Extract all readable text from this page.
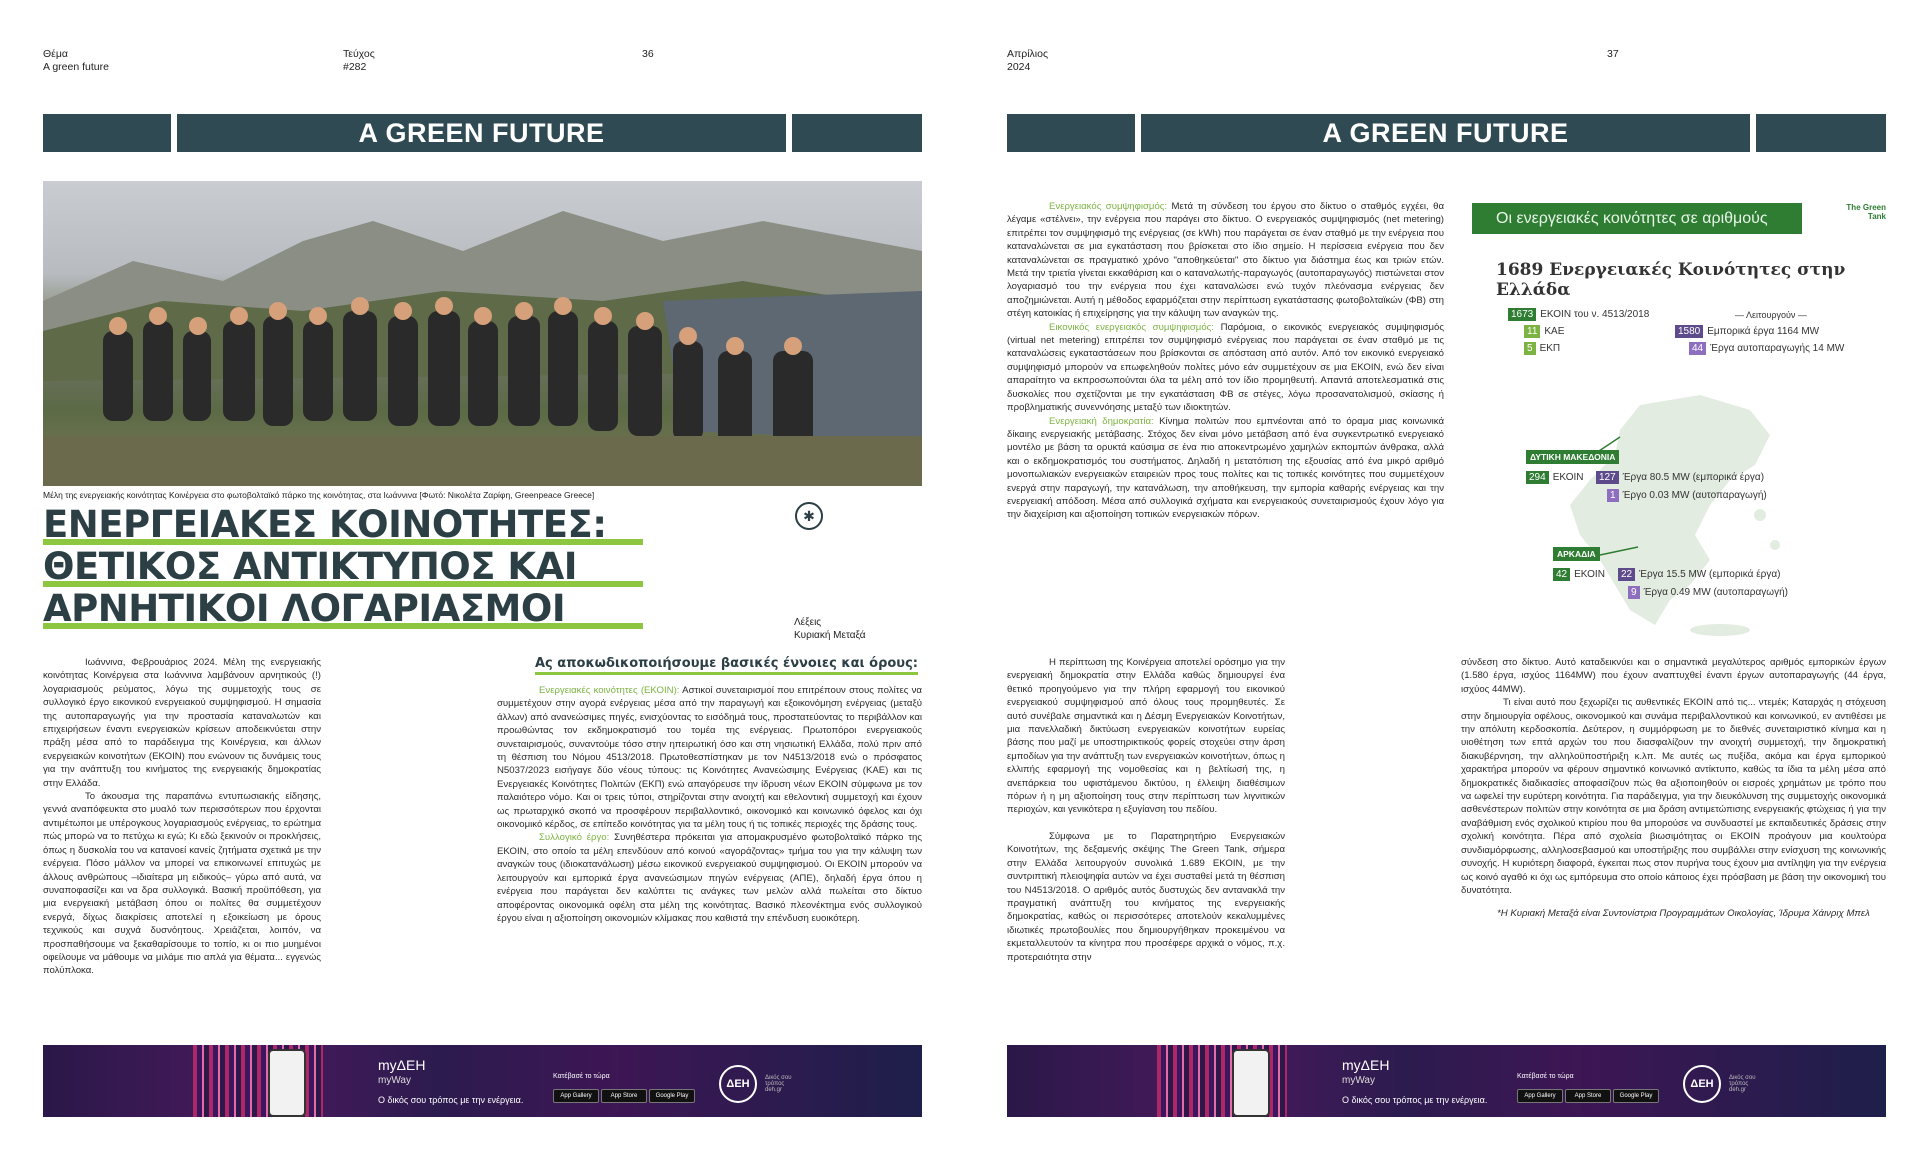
Θέμα
A green future
Τεύχος
#282
36
A GREEN FUTURE
Μέλη της ενεργειακής κοινότητας Κοινέργεια στο φωτοβολταϊκό πάρκο της κοινότητας, στα Ιωάννινα [Φωτό: Νικολέτα Ζαρίφη, Greenpeace Greece]
✱
ΕΝΕΡΓΕΙΑΚΕΣ ΚΟΙΝΟΤΗΤΕΣ:
ΘΕΤΙΚΟΣ ΑΝΤΙΚΤΥΠΟΣ ΚΑΙ
ΑΡΝΗΤΙΚΟΙ ΛΟΓΑΡΙΑΣΜΟΙ	Λέξεις
Κυριακή Μεταξά

Ιωάννινα, Φεβρουάριος 2024. Μέλη της ενεργειακής κοινότητας Κοινέργεια στα Ιωάννινα λαμβάνουν αρνητικούς (!) λογαριασμούς ρεύματος, λόγω της συμμετοχής τους σε συλλογικό έργο εικονικού ενεργειακού συμψηφισμού. Η σημασία της αυτοπαραγωγής για την προστασία καταναλωτών και επιχειρήσεων έναντι ενεργειακών κρίσεων αποδεικνύεται στην πράξη μέσα από το παράδειγμα της Κοινέργεια, και άλλων ενεργειακών κοινοτήτων (ΕΚΟΙΝ) που ενώνουν τις δυνάμεις τους για την ανάπτυξη του κινήματος της ενεργειακής δημοκρατίας στην Ελλάδα.

Το άκουσμα της παραπάνω εντυπωσιακής είδησης, γεννά αναπόφευκτα στο μυαλό των περισσότερων που έρχονται αντιμέτωποι με υπέρογκους λογαριασμούς ενέργειας, το ερώτημα πώς μπορώ να το πετύχω κι εγώ; Κι εδώ ξεκινούν οι προκλήσεις, όπως η δυσκολία του να κατανοεί κανείς ζητήματα σχετικά με την ενέργεια. Πόσο μάλλον να μπορεί να επικοινωνεί επιτυχώς με άλλους ανθρώπους –ιδιαίτερα μη ειδικούς– γύρω από αυτά, να συναποφασίζει και να δρα συλλογικά. Βασική προϋπόθεση, για μια ενεργειακή μετάβαση όπου οι πολίτες θα συμμετέχουν ενεργά, δίχως διακρίσεις αποτελεί η εξοικείωση με όρους τεχνικούς και συχνά δυσνόητους. Χρειάζεται, λοιπόν, να προσπαθήσουμε να ξεκαθαρίσουμε το τοπίο, κι οι πιο μυημένοι οφείλουμε να μάθουμε να μιλάμε πιο απλά για θέματα... εγγενώς πολύπλοκα.

Ας αποκωδικοποιήσουμε βασικές έννοιες και όρους:

Ενεργειακές κοινότητες (ΕΚΟΙΝ): Αστικοί συνεταιρισμοί που επιτρέπουν στους πολίτες να συμμετέχουν στην αγορά ενέργειας μέσα από την παραγωγή και εξοικονόμηση ενέργειας (μεταξύ άλλων) από ανανεώσιμες πηγές, ενισχύοντας το εισόδημά τους, προστατεύοντας το περιβάλλον και προωθώντας τον εκδημοκρατισμό του τομέα της ενέργειας. Πρωτοπόροι ενεργειακούς συνεταιρισμούς, συναντούμε τόσο στην ηπειρωτική όσο και στη νησιωτική Ελλάδα, πολύ πριν από τη θέσπιση του Νόμου 4513/2018. Πρωτοθεσπίστηκαν με τον Ν4513/2018 ενώ ο πρόσφατος Ν5037/2023 εισήγαγε δύο νέους τύπους: τις Κοινότητες Ανανεώσιμης Ενέργειας (ΚΑΕ) και τις Ενεργειακές Κοινότητες Πολιτών (ΕΚΠ) ενώ απαγόρευσε την ίδρυση νέων ΕΚΟΙΝ σύμφωνα με τον παλαιότερο νόμο. Και οι τρεις τύποι, στηρίζονται στην ανοιχτή και εθελοντική συμμετοχή και έχουν ως πρωταρχικό σκοπό να προσφέρουν περιβαλλοντικό, οικονομικό και κοινωνικό όφελος και όχι οικονομικό κέρδος, σε επίπεδο κοινότητας για τα μέλη τους ή τις τοπικές περιοχές της δράσης τους.

Συλλογικό έργο: Συνηθέστερα πρόκειται για απομακρυσμένο φωτοβολταϊκό πάρκο της ΕΚΟΙΝ, στο οποίο τα μέλη επενδύουν από κοινού «αγοράζοντας» τμήμα του για την κάλυψη των αναγκών τους (ιδιοκατανάλωση) μέσω εικονικού ενεργειακού συμψηφισμού. Οι ΕΚΟΙΝ μπορούν να λειτουργούν και εμπορικά έργα ανανεώσιμων πηγών ενέργειας (ΑΠΕ), δηλαδή έργα όπου η ενέργεια που παράγεται δεν καλύπτει τις ανάγκες των μελών αλλά πωλείται στο δίκτυο αποφέροντας οικονομικά οφέλη στα μέλη της κοινότητας. Βασικό πλεονέκτημα ενός συλλογικού έργου είναι η αξιοποίηση οικονομιών κλίμακας που καθιστά την επένδυση ευοικότερη.

myΔΕΗ
myWay
Ο δικός σου τρόπος με την ενέργεια.
Κατέβασέ το τώρα
App Gallery	App Store	Google Play
ΔΕΗ	Δικός σου τρόπος deh.gr
Απρίλιος
2024
37
A GREEN FUTURE

Ενεργειακός συμψηφισμός: Μετά τη σύνδεση του έργου στο δίκτυο ο σταθμός εγχέει, θα λέγαμε «στέλνει», την ενέργεια που παράγει στο δίκτυο. Ο ενεργειακός συμψηφισμός (net metering) επιτρέπει τον συμψηφισμό της ενέργειας (σε kWh) που παράγεται σε έναν σταθμό με την ενέργεια που καταναλώνεται σε μια εγκατάσταση που βρίσκεται στο ίδιο σημείο. Η περίσσεια ενέργεια που δεν καταναλώνεται σε πραγματικό χρόνο "αποθηκεύεται" στο δίκτυο για διάστημα έως και τριών ετών. Μετά την τριετία γίνεται εκκαθάριση και ο καταναλωτής-παραγωγός (αυτοπαραγωγός) πιστώνεται στον λογαριασμό του την ενέργεια που έχει καταναλώσει ενώ τυχόν πλεόνασμα ενέργειας δεν αποζημιώνεται. Αυτή η μέθοδος εφαρμόζεται στην περίπτωση εγκατάστασης φωτοβολταϊκών (ΦΒ) στη στέγη κατοικίας ή επιχείρησης για την κάλυψη των αναγκών της.

Εικονικός ενεργειακός συμψηφισμός: Παρόμοια, ο εικονικός ενεργειακός συμψηφισμός (virtual net metering) επιτρέπει τον συμψηφισμό ενέργειας που παράγεται σε έναν σταθμό με τις καταναλώσεις εγκαταστάσεων που βρίσκονται σε απόσταση από αυτόν. Από τον εικονικό ενεργειακό συμψηφισμό μπορούν να επωφεληθούν πολίτες μόνο εάν συμμετέχουν σε μια ΕΚΟΙΝ, ενώ δεν είναι απαραίτητο να εκπροσωπούνται όλα τα μέλη από τον ίδιο προμηθευτή. Απαντά αποτελεσματικά στις δυσκολίες που σχετίζονται με την εγκατάσταση ΦΒ σε στέγες, λόγω προσανατολισμού, σκίασης ή προβληματικής συνεννόησης μεταξύ των ιδιοκτητών.

Ενεργειακή δημοκρατία: Κίνημα πολιτών που εμπνέονται από το όραμα μιας κοινωνικά δίκαιης ενεργειακής μετάβασης. Στόχος δεν είναι μόνο μετάβαση από ένα συγκεντρωτικό ενεργειακό μοντέλο με βάση τα ορυκτά καύσιμα σε ένα πιο αποκεντρωμένο χαμηλών εκπομπών άνθρακα, αλλά και ο εκδημοκρατισμός του συστήματος. Δηλαδή η μετατόπιση της εξουσίας από ένα μικρό αριθμό μονοπωλιακών ενεργειακών εταιρειών προς τους πολίτες και τις τοπικές κοινότητες που συμμετέχουν ενεργά στην παραγωγή, την κατανάλωση, την αποθήκευση, την εμπορία καθαρής ενέργειας και την ενεργειακή απόδοση. Μέσα από συλλογικά σχήματα και ενεργειακούς συνεταιρισμούς έχουν λόγο για την διαχείριση και αξιοποίηση τοπικών ενεργειακών πόρων.

Οι ενεργειακές κοινότητες σε αριθμούς
The Green Tank
1689 Ενεργειακές Κοινότητες στην Ελλάδα
1673 ΕΚΟΙΝ του ν. 4513/2018
11 ΚΑΕ
5 ΕΚΠ
— Λειτουργούν —
1580 Εμπορικά έργα 1164 MW
44 Έργα αυτοπαραγωγής 14 MW
ΔΥΤΙΚΗ ΜΑΚΕΔΟΝΙΑ
294 ΕΚΟΙΝ	127 Έργα 80.5 MW (εμπορικά έργα)
1 Έργο 0.03 MW (αυτοπαραγωγή)
ΑΡΚΑΔΙΑ
42 ΕΚΟΙΝ	22 Έργα 15.5 MW (εμπορικά έργα)
9 Έργα 0.49 MW (αυτοπαραγωγή)

Η περίπτωση της Κοινέργεια αποτελεί ορόσημο για την ενεργειακή δημοκρατία στην Ελλάδα καθώς δημιουργεί ένα θετικό προηγούμενο για την πλήρη εφαρμογή του εικονικού ενεργειακού συμψηφισμού από όλους τους προμηθευτές. Σε αυτό συνέβαλε σημαντικά και η Δέσμη Ενεργειακών Κοινοτήτων, μια πανελλαδική δικτύωση ενεργειακών κοινοτήτων ευρείας βάσης που μαζί με υποστηρικτικούς φορείς στοχεύει στην άρση εμποδίων για την ανάπτυξη των ενεργειακών κοινοτήτων, όπως η ελλιπής εφαρμογή της νομοθεσίας και η βελτίωσή της, η ανεπάρκεια του υφιστάμενου δικτύου, η έλλειψη διαθέσιμων πόρων ή η μη αξιοποίηση τους στην περίπτωση των λιγνιτικών περιοχών, και γενικότερα η εξυγίανση του πεδίου.

Σύμφωνα με το Παρατηρητήριο Ενεργειακών Κοινοτήτων, της δεξαμενής σκέψης The Green Tank, σήμερα στην Ελλάδα λειτουργούν συνολικά 1.689 ΕΚΟΙΝ, με την συντριπτική πλειοψηφία αυτών να έχει συσταθεί μετά τη θέσπιση του Ν4513/2018. Ο αριθμός αυτός δυστυχώς δεν αντανακλά την πραγματική ανάπτυξη του κινήματος της ενεργειακής δημοκρατίας, καθώς οι περισσότερες αποτελούν κεκαλυμμένες ιδιωτικές πρωτοβουλίες που δημιουργήθηκαν προκειμένου να εκμεταλλευτούν τα κίνητρα που προσέφερε αρχικά ο νόμος, π.χ. προτεραιότητα στην

σύνδεση στο δίκτυο. Αυτό καταδεικνύει και ο σημαντικά μεγαλύτερος αριθμός εμπορικών έργων (1.580 έργα, ισχύος 1164MW) που έχουν αναπτυχθεί έναντι έργων αυτοπαραγωγής (44 έργα, ισχύος 44MW).

Τι είναι αυτό που ξεχωρίζει τις αυθεντικές ΕΚΟΙΝ από τις... ντεμέκ; Καταρχάς η στόχευση στην δημιουργία οφέλους, οικονομικού και συνάμα περιβαλλοντικού και κοινωνικού, εν αντιθέσει με την απόλυτη κερδοσκοπία. Δεύτερον, η συμμόρφωση με το διεθνές συνεταιριστικό κίνημα και η υιοθέτηση των επτά αρχών του που διασφαλίζουν την ανοιχτή συμμετοχή, την δημοκρατική διακυβέρνηση, την αλληλοϋποστήριξη κ.λπ. Με αυτές ως πυξίδα, ακόμα και έργα εμπορικού χαρακτήρα μπορούν να φέρουν σημαντικό κοινωνικό αντίκτυπο, καθώς τα ίδια τα μέλη μέσα από δημοκρατικές διαδικασίες αποφασίζουν πώς θα αξιοποιηθούν οι εισροές χρημάτων με τρόπο που να ωφελεί την ευρύτερη κοινότητα. Για παράδειγμα, για την διευκόλυνση της συμμετοχής οικονομικά ασθενέστερων πολιτών στην κοινότητα σε μια δράση αντιμετώπισης ενεργειακής φτώχειας ή για την αναβάθμιση ενός σχολικού κτιρίου που θα μπορούσε να συνδυαστεί με εκπαιδευτικές δράσεις στην σχολική κοινότητα. Πέρα από σχολεία βιωσιμότητας οι ΕΚΟΙΝ προάγουν μια κουλτούρα συνδιαμόρφωσης, αλληλοσεβασμού και υποστήριξης που συμβάλλει στην ενίσχυση της κοινωνικής συνοχής. Η κυριότερη διαφορά, έγκειται πως στον πυρήνα τους έχουν μια αντίληψη για την ενέργεια ως κοινό αγαθό κι όχι ως εμπόρευμα στο οποίο κάποιος έχει πρόσβαση με βάση την οικονομική του δυνατότητα.

*Η Κυριακή Μεταξά είναι Συντονίστρια Προγραμμάτων Οικολογίας, Ίδρυμα Χάινριχ Μπελ

myΔΕΗ
myWay
Ο δικός σου τρόπος με την ενέργεια.
Κατέβασέ το τώρα
App Gallery	App Store	Google Play
ΔΕΗ	Δικός σου τρόπος deh.gr
